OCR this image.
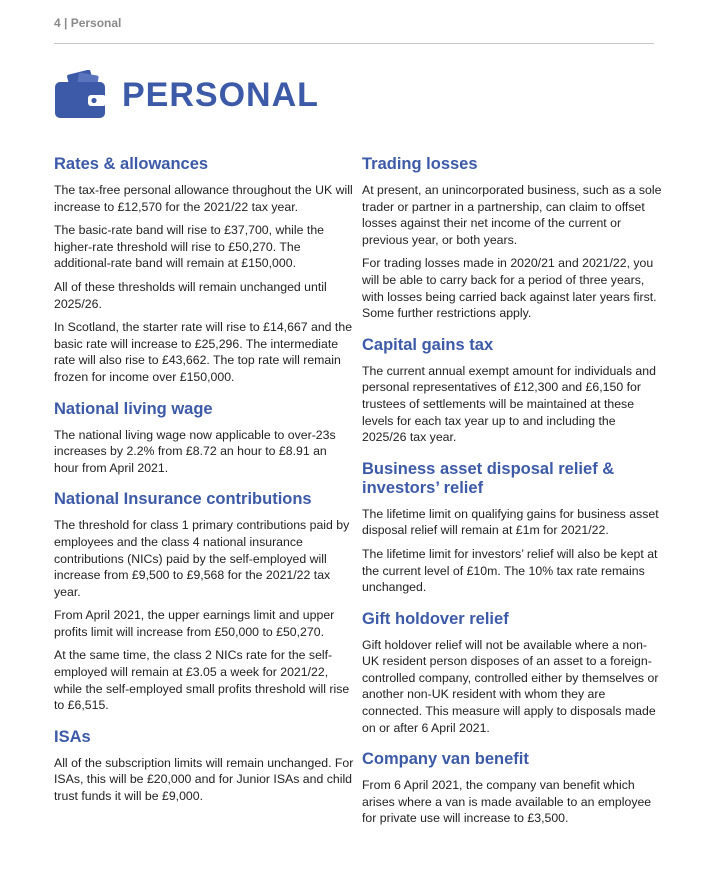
4 | Personal
PERSONAL
Rates & allowances

The tax-free personal allowance throughout the UK will increase to £12,570 for the 2021/22 tax year.

The basic-rate band will rise to £37,700, while the higher-rate threshold will rise to £50,270. The additional-rate band will remain at £150,000.

All of these thresholds will remain unchanged until 2025/26.

In Scotland, the starter rate will rise to £14,667 and the basic rate will increase to £25,296. The intermediate rate will also rise to £43,662. The top rate will remain frozen for income over £150,000.

National living wage

The national living wage now applicable to over-23s increases by 2.2% from £8.72 an hour to £8.91 an hour from April 2021.

National Insurance contributions

The threshold for class 1 primary contributions paid by employees and the class 4 national insurance contributions (NICs) paid by the self-employed will increase from £9,500 to £9,568 for the 2021/22 tax year.

From April 2021, the upper earnings limit and upper profits limit will increase from £50,000 to £50,270.

At the same time, the class 2 NICs rate for the self-employed will remain at £3.05 a week for 2021/22, while the self-employed small profits threshold will rise to £6,515.

ISAs

All of the subscription limits will remain unchanged. For ISAs, this will be £20,000 and for Junior ISAs and child trust funds it will be £9,000.

Trading losses

At present, an unincorporated business, such as a sole trader or partner in a partnership, can claim to offset losses against their net income of the current or previous year, or both years.

For trading losses made in 2020/21 and 2021/22, you will be able to carry back for a period of three years, with losses being carried back against later years first. Some further restrictions apply.

Capital gains tax

The current annual exempt amount for individuals and personal representatives of £12,300 and £6,150 for trustees of settlements will be maintained at these levels for each tax year up to and including the 2025/26 tax year.

Business asset disposal relief & investors’ relief

The lifetime limit on qualifying gains for business asset disposal relief will remain at £1m for 2021/22.

The lifetime limit for investors’ relief will also be kept at the current level of £10m. The 10% tax rate remains unchanged.

Gift holdover relief

Gift holdover relief will not be available where a non-UK resident person disposes of an asset to a foreign-controlled company, controlled either by themselves or another non-UK resident with whom they are connected. This measure will apply to disposals made on or after 6 April 2021.

Company van benefit

From 6 April 2021, the company van benefit which arises where a van is made available to an employee for private use will increase to £3,500.
